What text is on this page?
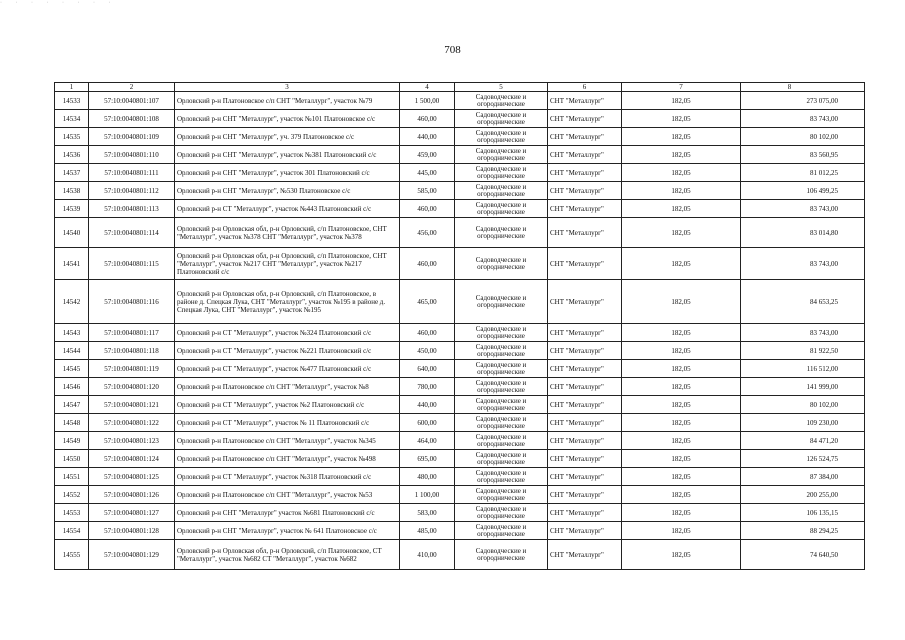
· · · · · · · ·
708
1	2	3	4	5	6	7	8
14533	57:10:0040801:107	Орловский р-н Платоновское с/п СНТ "Металлург", участок №79	1 500,00	Садоводческие и огороднические	СНТ "Металлург"	182,05	273 075,00
14534	57:10:0040801:108	Орловский р-н СНТ "Металлург", участок №101 Платоновское с/с	460,00	Садоводческие и огороднические	СНТ "Металлург"	182,05	83 743,00
14535	57:10:0040801:109	Орловский р-н СНТ "Металлург", уч. 379 Платоновское с/с	440,00	Садоводческие и огороднические	СНТ "Металлург"	182,05	80 102,00
14536	57:10:0040801:110	Орловский р-н СНТ "Металлург", участок №381 Платоновский с/с	459,00	Садоводческие и огороднические	СНТ "Металлург"	182,05	83 560,95
14537	57:10:0040801:111	Орловский р-н СНТ "Металлург", участок 301 Платоновский с/с	445,00	Садоводческие и огороднические	СНТ "Металлург"	182,05	81 012,25
14538	57:10:0040801:112	Орловский р-н СНТ "Металлург", №530 Платоновское с/с	585,00	Садоводческие и огороднические	СНТ "Металлург"	182,05	106 499,25
14539	57:10:0040801:113	Орловский р-н СТ "Металлург", участок №443 Платоновский с/с	460,00	Садоводческие и огороднические	СНТ "Металлург"	182,05	83 743,00
14540	57:10:0040801:114	Орловский р-н Орловская обл, р-н Орловский, с/п Платоновское, СНТ "Металлург", участок №378 СНТ "Металлург", участок №378	456,00	Садоводческие и огороднические	СНТ "Металлург"	182,05	83 014,80
14541	57:10:0040801:115	Орловский р-н Орловская обл, р-н Орловский, с/п Платоновское, СНТ "Металлург", участок №217 СНТ "Металлург", участок №217 Платоновский с/с	460,00	Садоводческие и огороднические	СНТ "Металлург"	182,05	83 743,00
14542	57:10:0040801:116	Орловский р-н Орловская обл, р-н Орловский, с/п Платоновское, в районе д. Спецкая Лука, СНТ "Металлург", участок №195 в районе д. Спецкая Лука, СНТ "Металлург", участок №195	465,00	Садоводческие и огороднические	СНТ "Металлург"	182,05	84 653,25
14543	57:10:0040801:117	Орловский р-н СТ "Металлург", участок №324 Платоновский с/с	460,00	Садоводческие и огороднические	СНТ "Металлург"	182,05	83 743,00
14544	57:10:0040801:118	Орловский р-н СТ "Металлург", участок №221 Платоновский с/с	450,00	Садоводческие и огороднические	СНТ "Металлург"	182,05	81 922,50
14545	57:10:0040801:119	Орловский р-н СТ "Металлург", участок №477 Платоновский с/с	640,00	Садоводческие и огороднические	СНТ "Металлург"	182,05	116 512,00
14546	57:10:0040801:120	Орловский р-н Платоновское с/п СНТ "Металлург", участок №8	780,00	Садоводческие и огороднические	СНТ "Металлург"	182,05	141 999,00
14547	57:10:0040801:121	Орловский р-н СТ "Металлург", участок №2 Платоновский с/с	440,00	Садоводческие и огороднические	СНТ "Металлург"	182,05	80 102,00
14548	57:10:0040801:122	Орловский р-н СТ "Металлург", участок № 11 Платоновский с/с	600,00	Садоводческие и огороднические	СНТ "Металлург"	182,05	109 230,00
14549	57:10:0040801:123	Орловский р-н Платоновское с/п СНТ "Металлург", участок №345	464,00	Садоводческие и огороднические	СНТ "Металлург"	182,05	84 471,20
14550	57:10:0040801:124	Орловский р-н Платоновское с/п СНТ "Металлург", участок №498	695,00	Садоводческие и огороднические	СНТ "Металлург"	182,05	126 524,75
14551	57:10:0040801:125	Орловский р-н СТ "Металлург", участок №318 Платоновский с/с	480,00	Садоводческие и огороднические	СНТ "Металлург"	182,05	87 384,00
14552	57:10:0040801:126	Орловский р-н Платоновское с/п СНТ "Металлург", участок №53	1 100,00	Садоводческие и огороднические	СНТ "Металлург"	182,05	200 255,00
14553	57:10:0040801:127	Орловский р-н СНТ "Металлург" участок №681 Платоновский с/с	583,00	Садоводческие и огороднические	СНТ "Металлург"	182,05	106 135,15
14554	57:10:0040801:128	Орловский р-н СНТ "Металлург", участок № 641 Платоновское с/с	485,00	Садоводческие и огороднические	СНТ "Металлург"	182,05	88 294,25
14555	57:10:0040801:129	Орловский р-н Орловская обл, р-н Орловский, с/п Платоновское, СТ "Металлург", участок №682 СТ "Металлург", участок №682	410,00	Садоводческие и огороднические	СНТ "Металлург"	182,05	74 640,50
